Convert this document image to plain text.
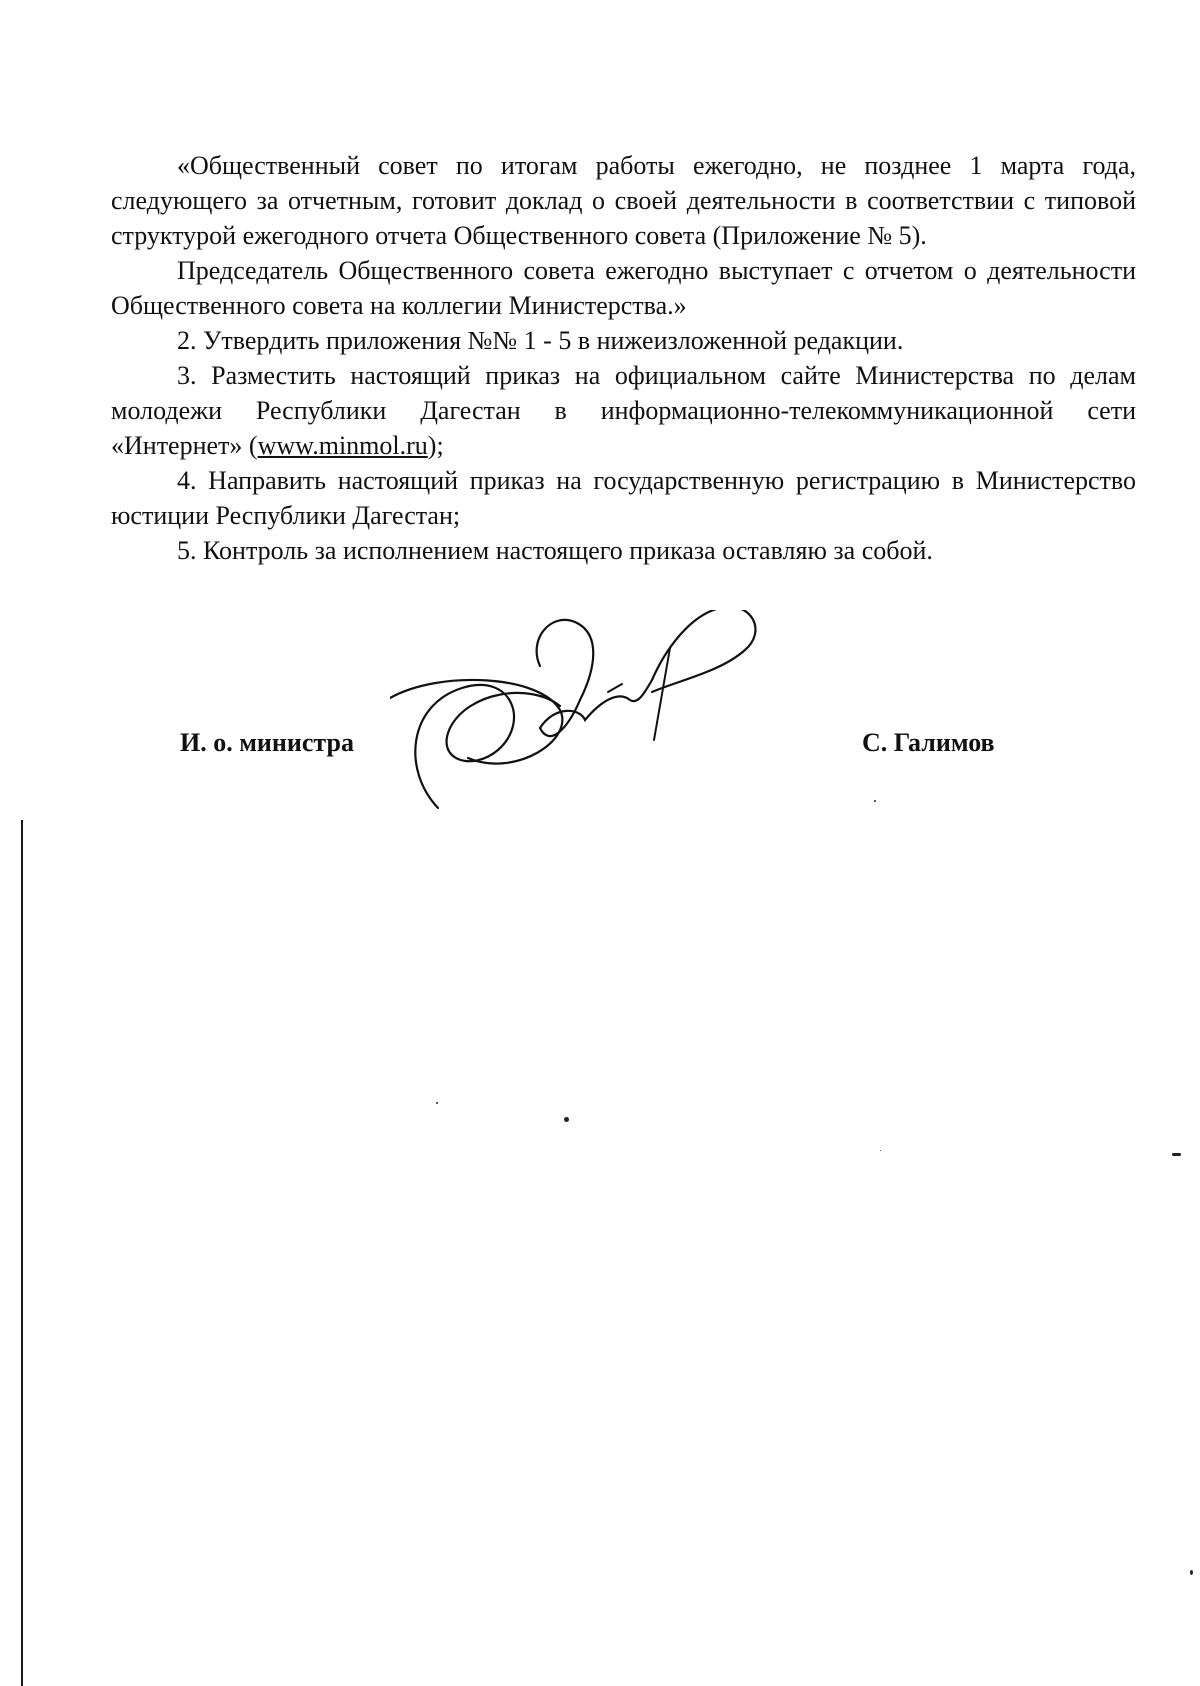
«Общественный совет по итогам работы ежегодно, не позднее 1 марта года, следующего за отчетным, готовит доклад о своей деятельности в соответствии с типовой структурой ежегодного отчета Общественного совета (Приложение № 5).

Председатель Общественного совета ежегодно выступает с отчетом о деятельности Общественного совета на коллегии Министерства.»

2. Утвердить приложения №№ 1 - 5 в нижеизложенной редакции.

3. Разместить настоящий приказ на официальном сайте Министерства по делам молодежи Республики Дагестан в информационно-телекоммуникационной сети «Интернет» (www.minmol.ru);

4. Направить настоящий приказ на государственную регистрацию в Министерство юстиции Республики Дагестан;

5. Контроль за исполнением настоящего приказа оставляю за собой.

И. о. министра	С. Галимов
